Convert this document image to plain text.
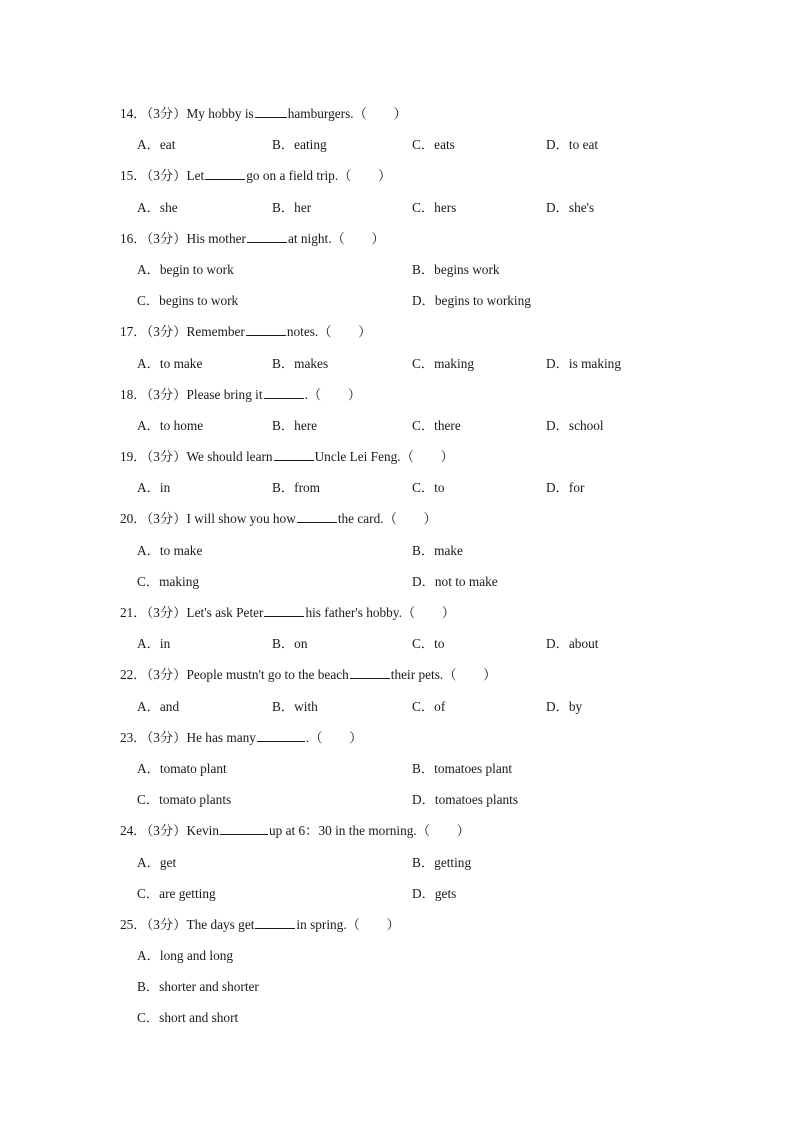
14．（3分）My hobby is	hamburgers.（　　）
A．eat	B．eating	C．eats	D．to eat
15．（3分）Let	go on a field trip.（　　）
A．she	B．her	C．hers	D．she's
16．（3分）His mother	at night.（　　）
A．begin to work	B．begins work
C．begins to work	D．begins to working
17．（3分）Remember	notes.（　　）
A．to make	B．makes	C．making	D．is making
18．（3分）Please bring it	.（　　）
A．to home	B．here	C．there	D．school
19．（3分）We should learn	Uncle Lei Feng.（　　）
A．in	B．from	C．to	D．for
20．（3分）I will show you how	the card.（　　）
A．to make	B．make
C．making	D．not to make
21．（3分）Let's ask Peter	his father's hobby.（　　）
A．in	B．on	C．to	D．about
22．（3分）People mustn't go to the beach	their pets.（　　）
A．and	B．with	C．of	D．by
23．（3分）He has many	.（　　）
A．tomato plant	B．tomatoes plant
C．tomato plants	D．tomatoes plants
24．（3分）Kevin	up at 6：30 in the morning.（　　）
A．get	B．getting
C．are getting	D．gets
25．（3分）The days get	in spring.（　　）
A．long and long
B．shorter and shorter
C．short and short
